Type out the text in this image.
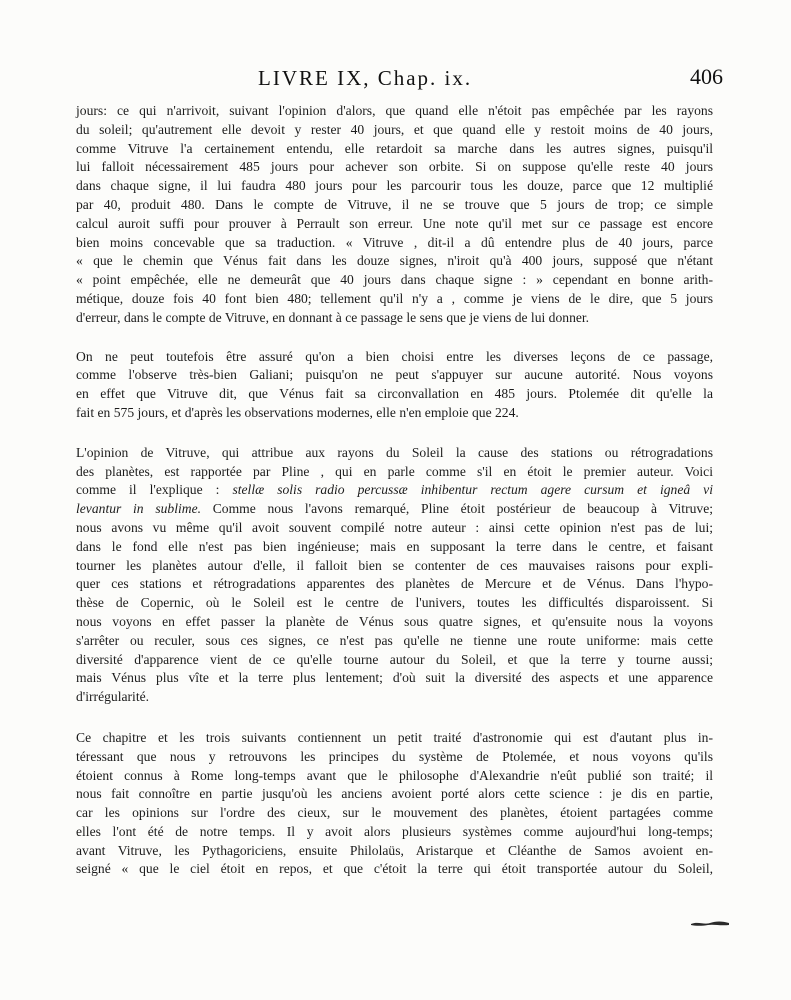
LIVRE IX, Chap. ix.	406

jours: ce qui n'arrivoit, suivant l'opinion d'alors, que quand elle n'étoit pas empêchée par les rayons
du soleil; qu'autrement elle devoit y rester 40 jours, et que quand elle y restoit moins de 40 jours,
comme Vitruve l'a certainement entendu, elle retardoit sa marche dans les autres signes, puisqu'il
lui falloit nécessairement 485 jours pour achever son orbite. Si on suppose qu'elle reste 40 jours
dans chaque signe, il lui faudra 480 jours pour les parcourir tous les douze, parce que 12 multiplié
par 40, produit 480. Dans le compte de Vitruve, il ne se trouve que 5 jours de trop; ce simple
calcul auroit suffi pour prouver à Perrault son erreur. Une note qu'il met sur ce passage est encore
bien moins concevable que sa traduction. « Vitruve , dit-il a dû entendre plus de 40 jours, parce
« que le chemin que Vénus fait dans les douze signes, n'iroit qu'à 400 jours, supposé que n'étant
« point empêchée, elle ne demeurât que 40 jours dans chaque signe : » cependant en bonne arith-
métique, douze fois 40 font bien 480; tellement qu'il n'y a , comme je viens de le dire, que 5 jours
d'erreur, dans le compte de Vitruve, en donnant à ce passage le sens que je viens de lui donner.

On ne peut toutefois être assuré qu'on a bien choisi entre les diverses leçons de ce passage,
comme l'observe très-bien Galiani; puisqu'on ne peut s'appuyer sur aucune autorité. Nous voyons
en effet que Vitruve dit, que Vénus fait sa circonvallation en 485 jours. Ptolemée dit qu'elle la
fait en 575 jours, et d'après les observations modernes, elle n'en emploie que 224.

L'opinion de Vitruve, qui attribue aux rayons du Soleil la cause des stations ou rétrogradations
des planètes, est rapportée par Pline , qui en parle comme s'il en étoit le premier auteur. Voici
comme il l'explique : stellæ solis radio percussæ inhibentur rectum agere cursum et igneâ vi
levantur in sublime. Comme nous l'avons remarqué, Pline étoit postérieur de beaucoup à Vitruve;
nous avons vu même qu'il avoit souvent compilé notre auteur : ainsi cette opinion n'est pas de lui;
dans le fond elle n'est pas bien ingénieuse; mais en supposant la terre dans le centre, et faisant
tourner les planètes autour d'elle, il falloit bien se contenter de ces mauvaises raisons pour expli-
quer ces stations et rétrogradations apparentes des planètes de Mercure et de Vénus. Dans l'hypo-
thèse de Copernic, où le Soleil est le centre de l'univers, toutes les difficultés disparoissent. Si
nous voyons en effet passer la planète de Vénus sous quatre signes, et qu'ensuite nous la voyons
s'arrêter ou reculer, sous ces signes, ce n'est pas qu'elle ne tienne une route uniforme: mais cette
diversité d'apparence vient de ce qu'elle tourne autour du Soleil, et que la terre y tourne aussi;
mais Vénus plus vîte et la terre plus lentement; d'où suit la diversité des aspects et une apparence
d'irrégularité.

Ce chapitre et les trois suivants contiennent un petit traité d'astronomie qui est d'autant plus in-
téressant que nous y retrouvons les principes du système de Ptolemée, et nous voyons qu'ils
étoient connus à Rome long-temps avant que le philosophe d'Alexandrie n'eût publié son traité; il
nous fait connoître en partie jusqu'où les anciens avoient porté alors cette science : je dis en partie,
car les opinions sur l'ordre des cieux, sur le mouvement des planètes, étoient partagées comme
elles l'ont été de notre temps. Il y avoit alors plusieurs systèmes comme aujourd'hui long-temps;
avant Vitruve, les Pythagoriciens, ensuite Philolaüs, Aristarque et Cléanthe de Samos avoient en-
seigné « que le ciel étoit en repos, et que c'étoit la terre qui étoit transportée autour du Soleil,
